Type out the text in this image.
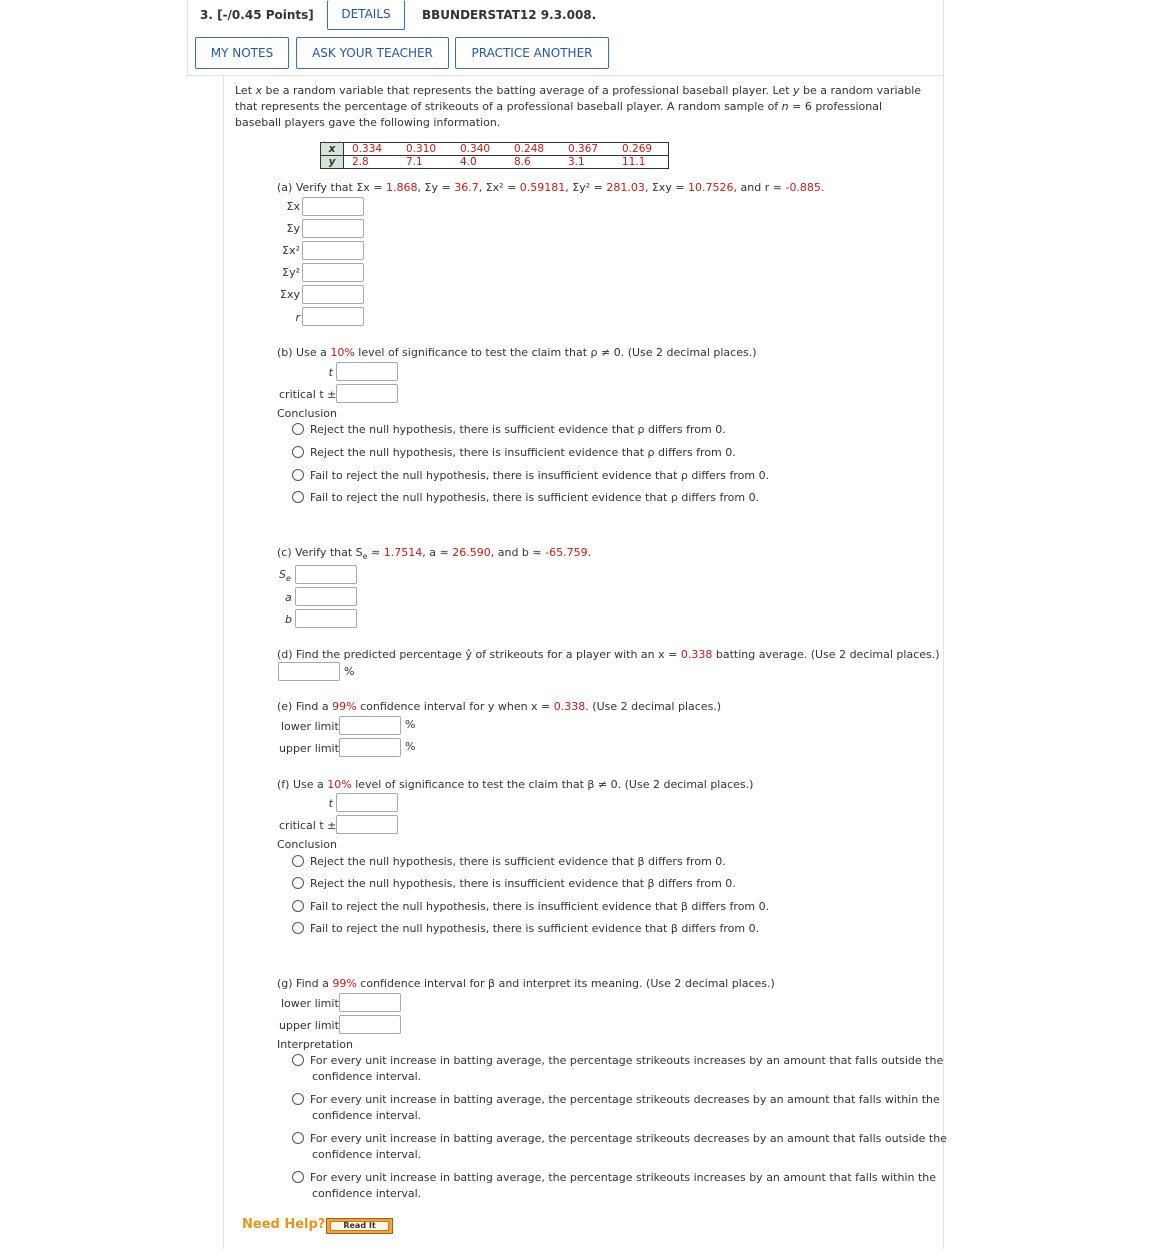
3. [-/0.45 Points]	DETAILS	BBUNDERSTAT12 9.3.008.
MY NOTES	ASK YOUR TEACHER	PRACTICE ANOTHER
Let x be a random variable that represents the batting average of a professional baseball player. Let y be a random variable that represents the percentage of strikeouts of a professional baseball player. A random sample of n = 6 professional baseball players gave the following information.
x	0.334	0.310	0.340	0.248	0.367	0.269
y	2.8	7.1	4.0	8.6	3.1	11.1
(a) Verify that Σx = 1.868, Σy = 36.7, Σx² = 0.59181, Σy² = 281.03, Σxy = 10.7526, and r ≈ -0.885.
Σx
Σy
Σx²
Σy²
Σxy
r
(b) Use a 10% level of significance to test the claim that ρ ≠ 0. (Use 2 decimal places.)
t
critical t ±
Conclusion
Reject the null hypothesis, there is sufficient evidence that ρ differs from 0.
Reject the null hypothesis, there is insufficient evidence that ρ differs from 0.
Fail to reject the null hypothesis, there is insufficient evidence that ρ differs from 0.
Fail to reject the null hypothesis, there is sufficient evidence that ρ differs from 0.
(c) Verify that $S_e \approx 1.7514$, a ≈ 26.590, and b ≈ -65.759.
$S_e$
a
b
(d) Find the predicted percentage ŷ of strikeouts for a player with an x = 0.338 batting average. (Use 2 decimal places.)
%
(e) Find a 99% confidence interval for y when x = 0.338. (Use 2 decimal places.)
lower limit	%
upper limit	%
(f) Use a 10% level of significance to test the claim that β ≠ 0. (Use 2 decimal places.)
t
critical t ±
Conclusion
Reject the null hypothesis, there is sufficient evidence that β differs from 0.
Reject the null hypothesis, there is insufficient evidence that β differs from 0.
Fail to reject the null hypothesis, there is insufficient evidence that β differs from 0.
Fail to reject the null hypothesis, there is sufficient evidence that β differs from 0.
(g) Find a 99% confidence interval for β and interpret its meaning. (Use 2 decimal places.)
lower limit
upper limit
Interpretation
For every unit increase in batting average, the percentage strikeouts increases by an amount that falls outside the
confidence interval.
For every unit increase in batting average, the percentage strikeouts decreases by an amount that falls within the
confidence interval.
For every unit increase in batting average, the percentage strikeouts decreases by an amount that falls outside the
confidence interval.
For every unit increase in batting average, the percentage strikeouts increases by an amount that falls within the
confidence interval.
Need Help?	Read It
